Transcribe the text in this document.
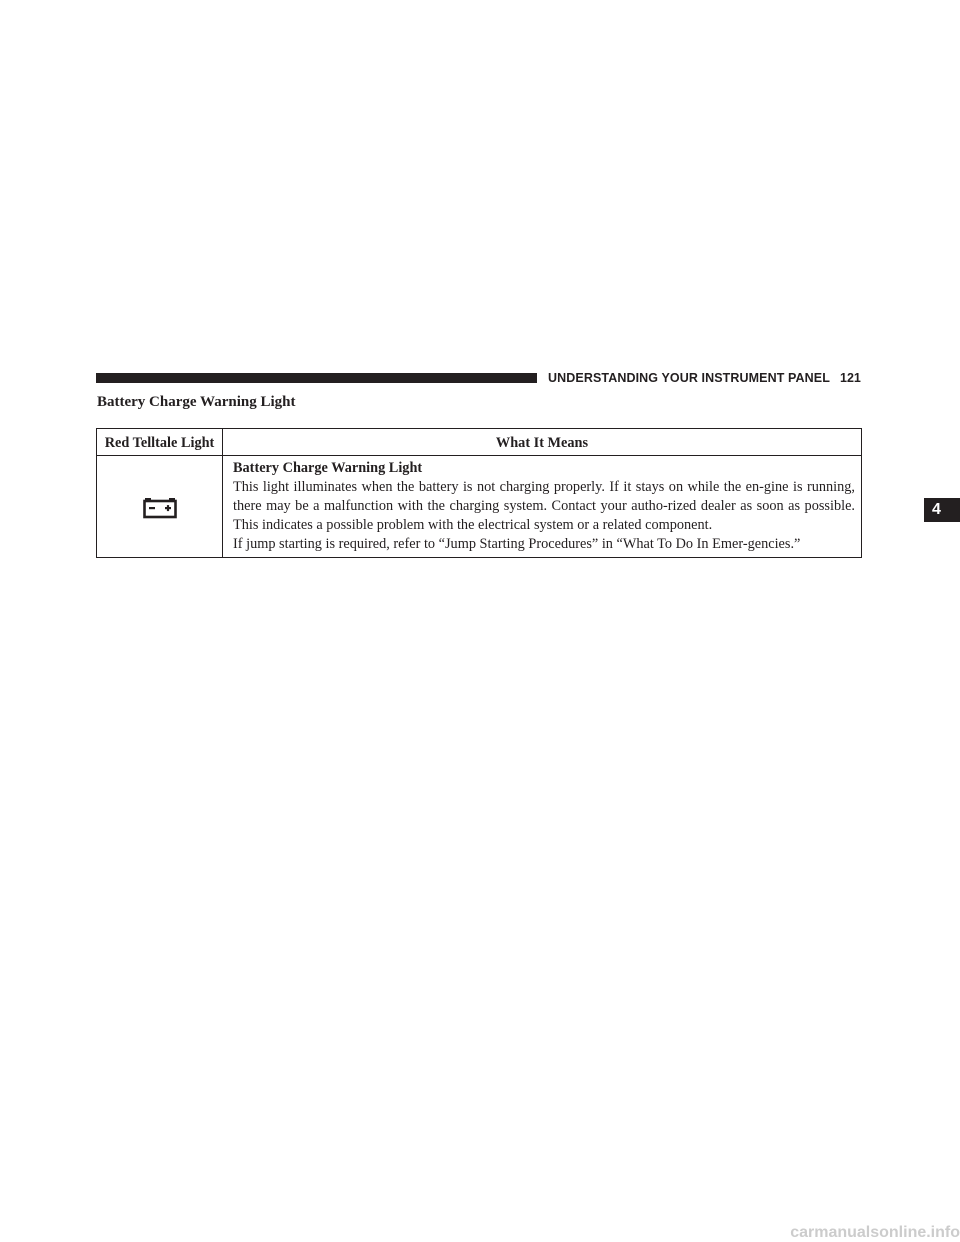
UNDERSTANDING YOUR INSTRUMENT PANEL 121
Battery Charge Warning Light
4
Red Telltale Light	What It Means

Battery Charge Warning Light

This light illuminates when the battery is not charging properly. If it stays on while the en-gine is running, there may be a malfunction with the charging system. Contact your autho-rized dealer as soon as possible. This indicates a possible problem with the electrical system or a related component.

If jump starting is required, refer to “Jump Starting Procedures” in “What To Do In Emer-gencies.”

carmanualsonline.info
